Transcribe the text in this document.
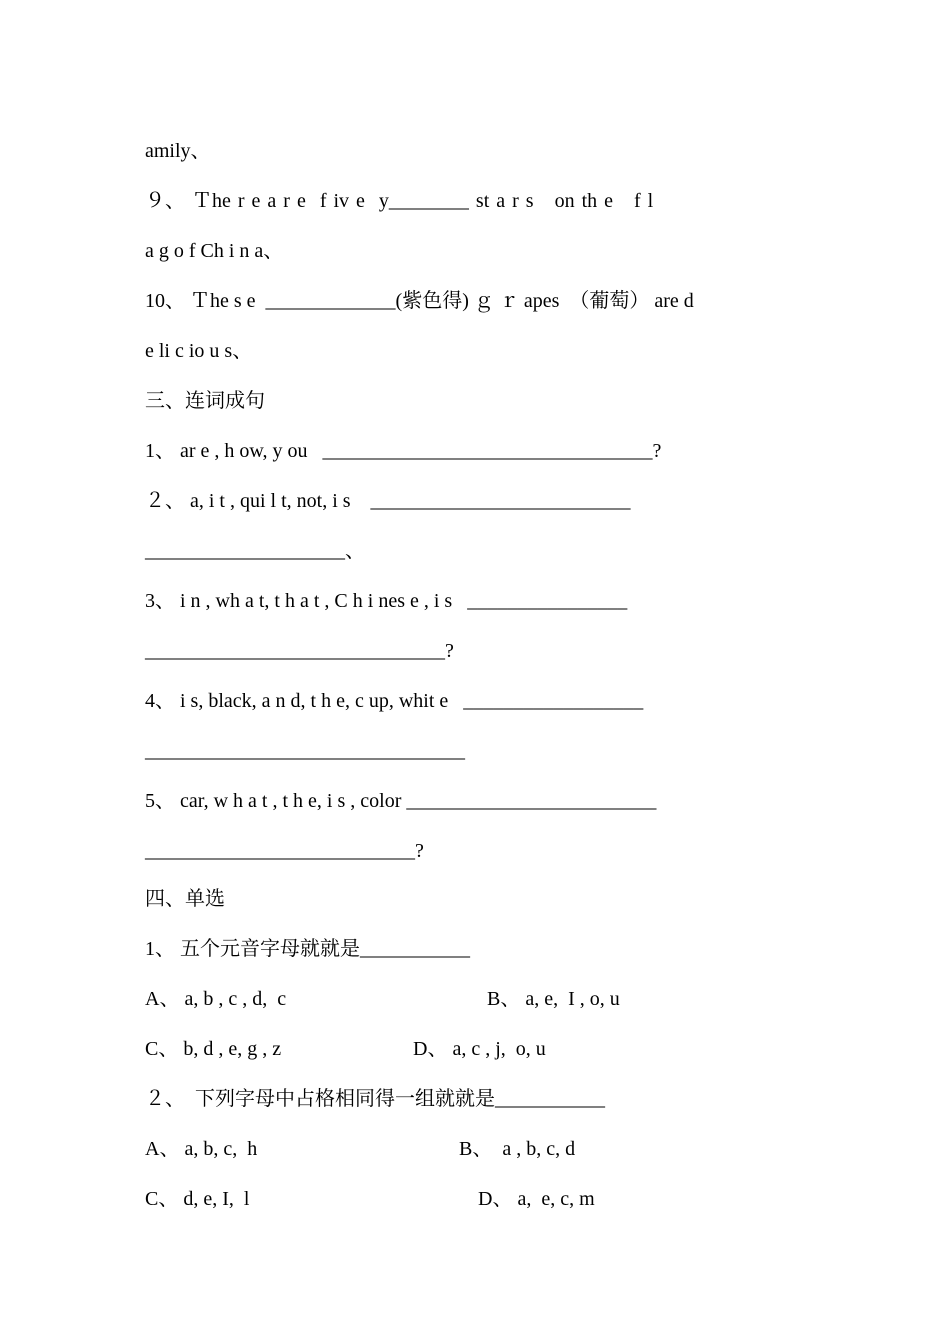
amily、
９、 Ｔhe r e a r e  f iv e  y________ st a r s   on th e   f l
a g o f Ch i n a、
10、 Ｔhe s e  _____________(紫色得) ｇ ｒ apes  （葡萄） are d
e li c io u s、
三、连词成句
1、 ar e , h ow, y ou   _________________________________?
２、 a, i t , qui l t, not, i s    __________________________
____________________、
3、 i n , wh a t, t h a t , C h i nes e , i s   ________________
______________________________?
4、 i s, black, a n d, t h e, c up, whit e   __________________
________________________________
5、 car, w h a t , t h e, i s , color _________________________
___________________________?
四、单选
1、 五个元音字母就就是___________
A、 a, b , c , d,  c	B、 a, e,  I , o, u
C、 b, d , e, g , z	D、 a, c , j,  o, u
２、  下列字母中占格相同得一组就就是___________
A、 a, b, c,  h	B、  a , b, c, d
C、 d, e, I,  l	D、 a,  e, c, m
